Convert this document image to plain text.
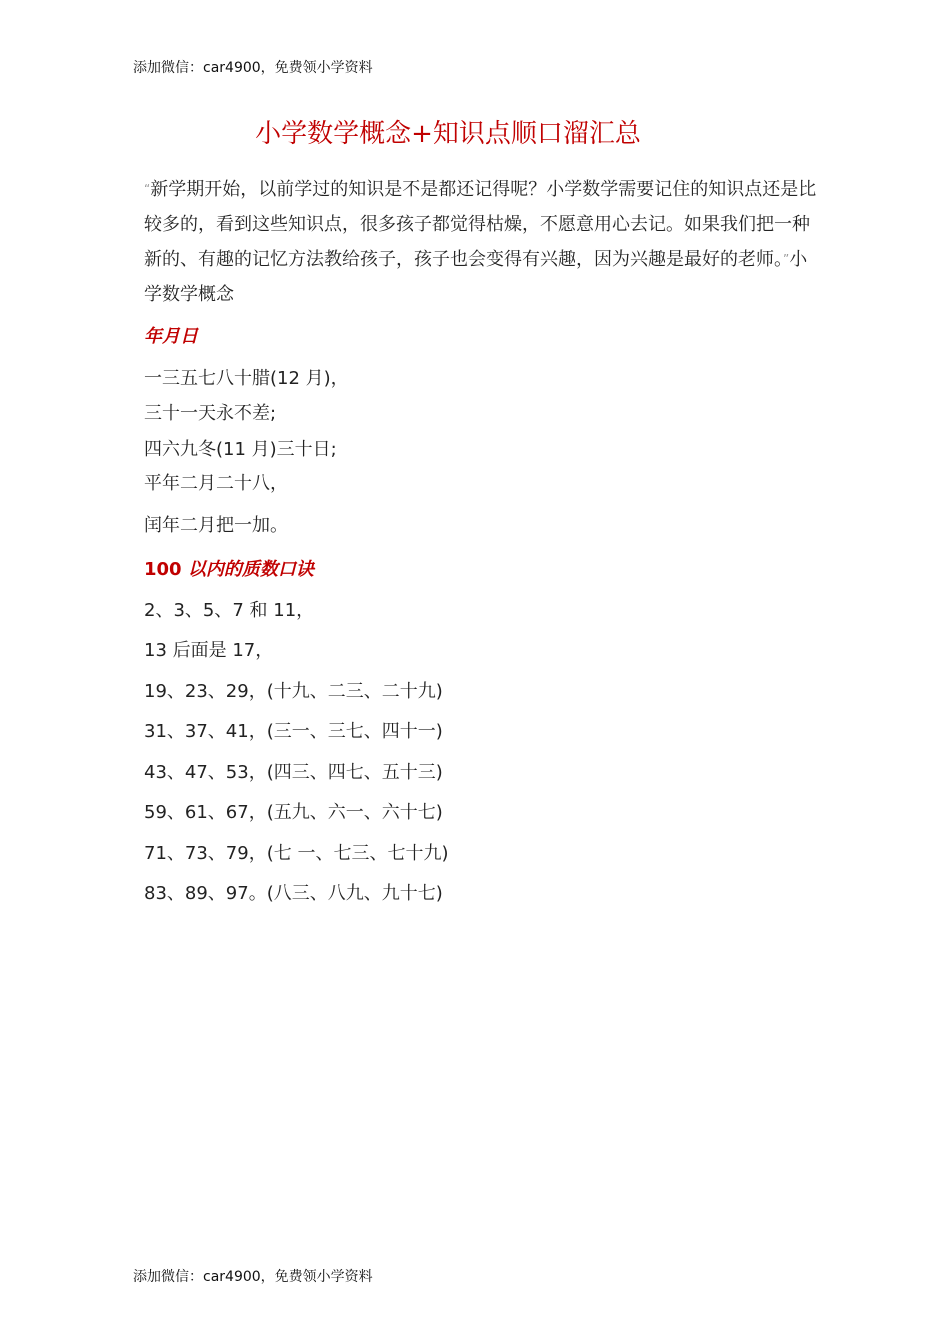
添加微信：car4900，免费领小学资料
小学数学概念+知识点顺口溜汇总
“新学期开始，以前学过的知识是不是都还记得呢？小学数学需要记住的知识点还是比较多的，看到这些知识点，很多孩子都觉得枯燥，不愿意用心去记。如果我们把一种新的、有趣的记忆方法教给孩子，孩子也会变得有兴趣，因为兴趣是最好的老师。”小学数学概念
年月日
一三五七八十腊(12 月)，
三十一天永不差;
四六九冬(11 月)三十日;
平年二月二十八，
闰年二月把一加。
100 以内的质数口诀
2、3、5、7 和 11，
13 后面是 17，
19、23、29，(十九、二三、二十九)
31、37、41，(三一、三七、四十一)
43、47、53，(四三、四七、五十三)
59、61、67，(五九、六一、六十七)
71、73、79，(七 一、七三、七十九)
83、89、97。(八三、八九、九十七)
添加微信：car4900，免费领小学资料
